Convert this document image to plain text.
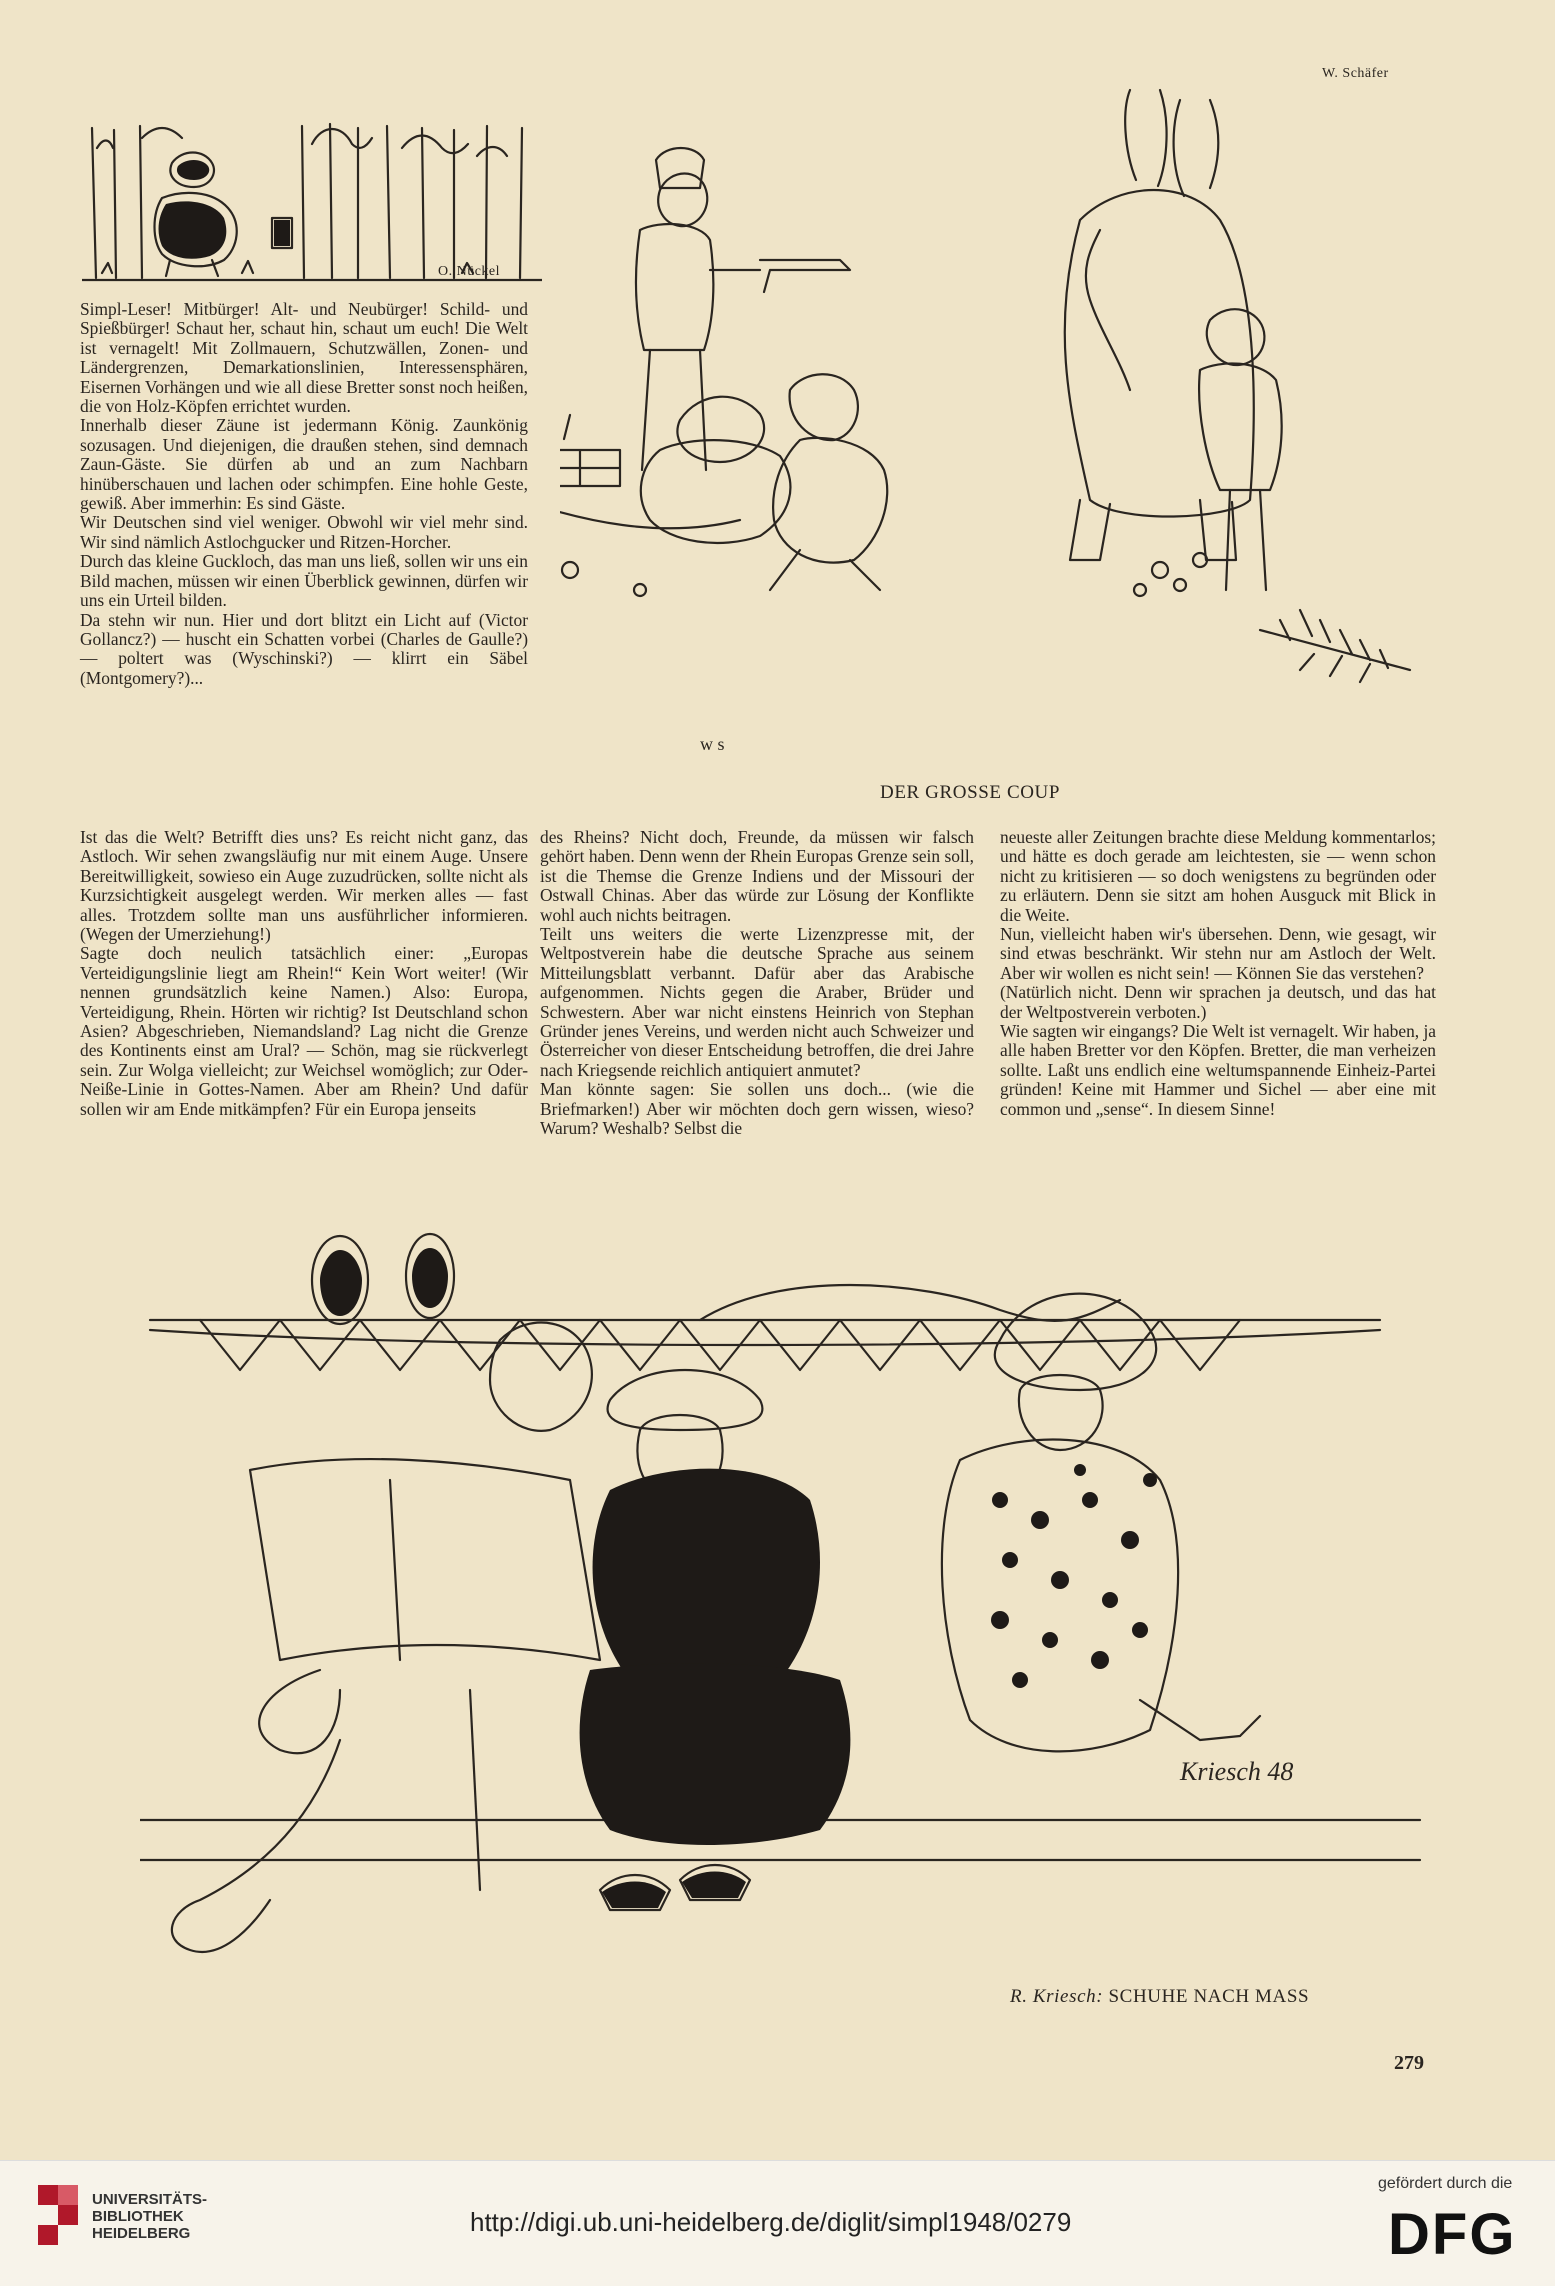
W. Schäfer
O. Nückel
w s
DER GROSSE COUP

Simpl-Leser! Mitbürger! Alt- und Neubürger! Schild- und Spießbürger! Schaut her, schaut hin, schaut um euch! Die Welt ist vernagelt! Mit Zollmauern, Schutzwällen, Zonen- und Ländergrenzen, Demarkationslinien, Interessensphären, Eisernen Vorhängen und wie all diese Bretter sonst noch heißen, die von Holz-Köpfen errichtet wurden.

Innerhalb dieser Zäune ist jedermann König. Zaunkönig sozusagen. Und diejenigen, die draußen stehen, sind demnach Zaun-Gäste. Sie dürfen ab und an zum Nachbarn hinüberschauen und lachen oder schimpfen. Eine hohle Geste, gewiß. Aber immerhin: Es sind Gäste.

Wir Deutschen sind viel weniger. Obwohl wir viel mehr sind. Wir sind nämlich Astlochgucker und Ritzen-Horcher.

Durch das kleine Guckloch, das man uns ließ, sollen wir uns ein Bild machen, müssen wir einen Überblick gewinnen, dürfen wir uns ein Urteil bilden.

Da stehn wir nun. Hier und dort blitzt ein Licht auf (Victor Gollancz?) — huscht ein Schatten vorbei (Charles de Gaulle?) — poltert was (Wyschinski?) — klirrt ein Säbel (Montgomery?)...

Ist das die Welt? Betrifft dies uns? Es reicht nicht ganz, das Astloch. Wir sehen zwangsläufig nur mit einem Auge. Unsere Bereitwilligkeit, sowieso ein Auge zuzudrücken, sollte nicht als Kurzsichtigkeit ausgelegt werden. Wir merken alles — fast alles. Trotzdem sollte man uns ausführlicher informieren. (Wegen der Umerziehung!)

Sagte doch neulich tatsächlich einer: „Europas Verteidigungslinie liegt am Rhein!“ Kein Wort weiter! (Wir nennen grundsätzlich keine Namen.) Also: Europa, Verteidigung, Rhein. Hörten wir richtig? Ist Deutschland schon Asien? Abgeschrieben, Niemandsland? Lag nicht die Grenze des Kontinents einst am Ural? — Schön, mag sie rückverlegt sein. Zur Wolga vielleicht; zur Weichsel womöglich; zur Oder-Neiße-Linie in Gottes-Namen. Aber am Rhein? Und dafür sollen wir am Ende mitkämpfen? Für ein Europa jenseits

des Rheins? Nicht doch, Freunde, da müssen wir falsch gehört haben. Denn wenn der Rhein Europas Grenze sein soll, ist die Themse die Grenze Indiens und der Missouri der Ostwall Chinas. Aber das würde zur Lösung der Konflikte wohl auch nichts beitragen.

Teilt uns weiters die werte Lizenzpresse mit, der Weltpostverein habe die deutsche Sprache aus seinem Mitteilungsblatt verbannt. Dafür aber das Arabische aufgenommen. Nichts gegen die Araber, Brüder und Schwestern. Aber war nicht einstens Heinrich von Stephan Gründer jenes Vereins, und werden nicht auch Schweizer und Österreicher von dieser Entscheidung betroffen, die drei Jahre nach Kriegsende reichlich antiquiert anmutet?

Man könnte sagen: Sie sollen uns doch... (wie die Briefmarken!) Aber wir möchten doch gern wissen, wieso? Warum? Weshalb? Selbst die

neueste aller Zeitungen brachte diese Meldung kommentarlos; und hätte es doch gerade am leichtesten, sie — wenn schon nicht zu kritisieren — so doch wenigstens zu begründen oder zu erläutern. Denn sie sitzt am hohen Ausguck mit Blick in die Weite.

Nun, vielleicht haben wir's übersehen. Denn, wie gesagt, wir sind etwas beschränkt. Wir stehn nur am Astloch der Welt. Aber wir wollen es nicht sein! — Können Sie das verstehen?

(Natürlich nicht. Denn wir sprachen ja deutsch, und das hat der Weltpostverein verboten.)

Wie sagten wir eingangs? Die Welt ist vernagelt. Wir haben, ja alle haben Bretter vor den Köpfen. Bretter, die man verheizen sollte. Laßt uns endlich eine weltumspannende Einheiz-Partei gründen! Keine mit Hammer und Sichel — aber eine mit common und „sense“. In diesem Sinne!

Kriesch 48
R. Kriesch: SCHUHE NACH MASS
279
UNIVERSITÄTS-
BIBLIOTHEK
HEIDELBERG	http://digi.ub.uni-heidelberg.de/diglit/simpl1948/0279
gefördert durch die
DFG
